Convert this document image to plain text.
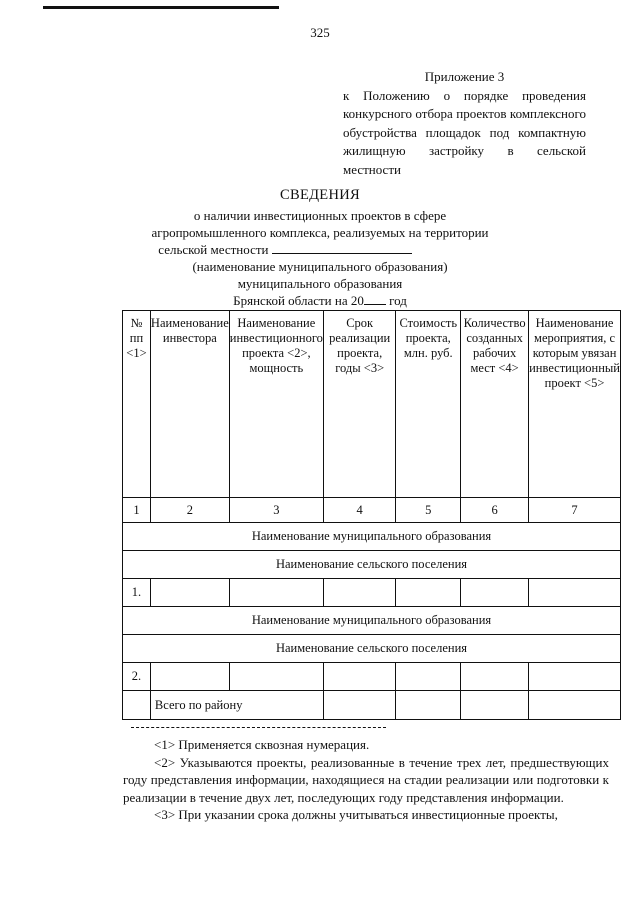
325
Приложение 3
к Положению о порядке проведения конкурсного отбора проектов комплексного обустройства площадок под компактную жилищную застройку в сельской местности
СВЕДЕНИЯ
о наличии инвестиционных проектов в сфере
агропромышленного комплекса, реализуемых на территории
сельской местности
(наименование муниципального образования)
муниципального образования
Брянской области на 20 год
№ пп <1>	Наименование инвестора	Наименование инвестиционного проекта <2>, мощность	Срок реализации проекта, годы <3>	Стоимость проекта, млн. руб.	Количество созданных рабочих мест <4>	Наименование мероприятия, с которым увязан инвестиционный проект <5>
1	2	3	4	5	6	7
Наименование муниципального образования						
Наименование сельского поселения						
1.						
Наименование муниципального образования						
Наименование сельского поселения						
2.						
	Всего по району					

<1> Применяется сквозная нумерация.

<2> Указываются проекты, реализованные в течение трех лет, предшествующих году представления информации, находящиеся на стадии реализации или подготовки к реализации в течение двух лет, последующих году представления информации.

<3> При указании срока должны учитываться инвестиционные проекты,
